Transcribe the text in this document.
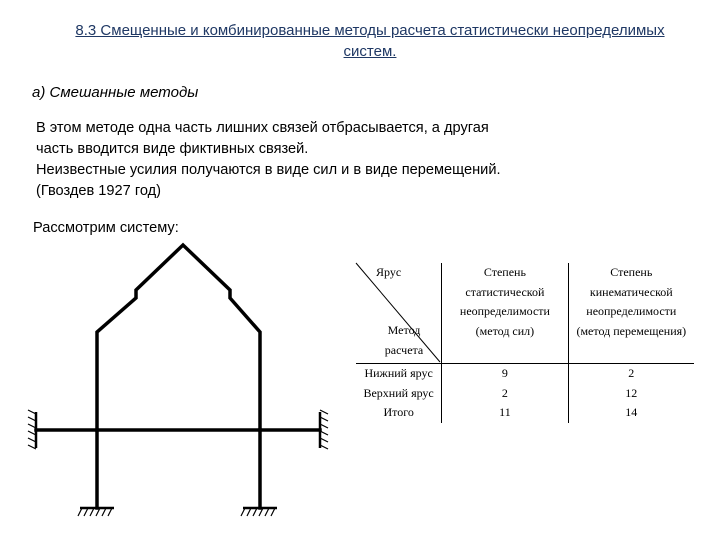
8.3 Смещенные и комбинированные методы расчета статистически неопределимых систем.
а) Смешанные методы
В этом методе одна часть лишних связей отбрасывается, а другая
часть вводится виде фиктивных связей.
Неизвестные усилия получаются в виде сил и в виде перемещений.
(Гвоздев 1927 год)
Рассмотрим систему:
Ярус
Метод расчета	Степень статистической неопределимости (метод сил)	Степень кинематической неопределимости (метод перемещения)
Нижний ярус	9	2
Верхний ярус	2	12
Итого	11	14
